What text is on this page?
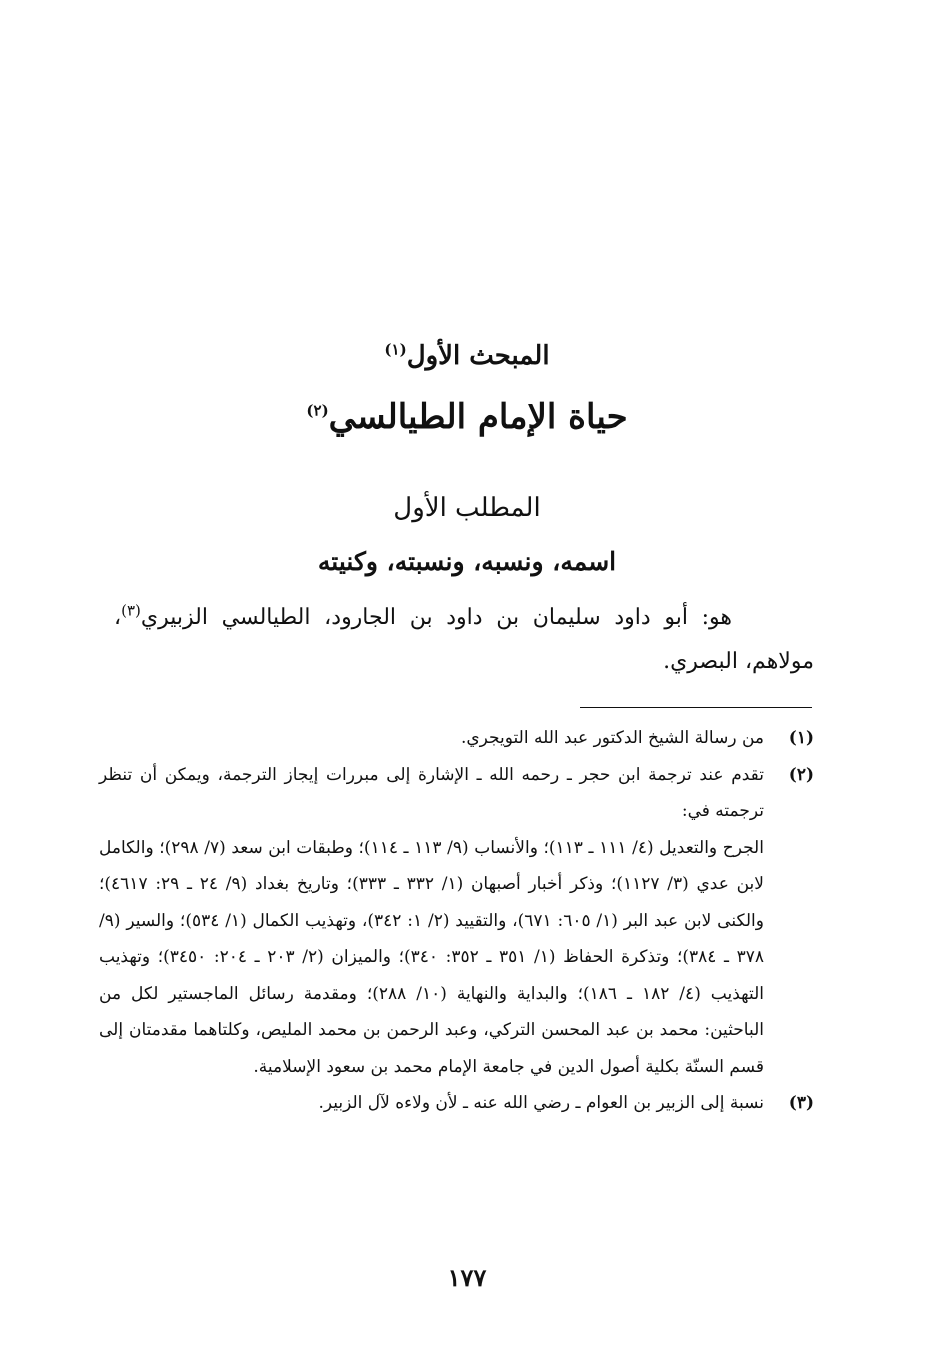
المبحث الأول$^{(١)}$
حياة الإمام الطيالسي$^{(٢)}$
المطلب الأول
اسمه، ونسبه، ونسبته، وكنيته
هو: أبو داود سليمان بن داود بن الجارود، الطيالسي الزبيري$^{(٣)}$، مولاهم، البصري.
(١)
من رسالة الشيخ الدكتور عبد الله التويجري.
(٢)
تقدم عند ترجمة ابن حجر ـ رحمه الله ـ الإشارة إلى مبررات إيجاز الترجمة، ويمكن أن تنظر ترجمته في:
الجرح والتعديل (٤/ ١١١ ـ ١١٣)؛ والأنساب (٩/ ١١٣ ـ ١١٤)؛ وطبقات ابن سعد (٧/ ٢٩٨)؛ والكامل لابن عدي (٣/ ١١٢٧)؛ وذكر أخبار أصبهان (١/ ٣٣٢ ـ ٣٣٣)؛ وتاريخ بغداد (٩/ ٢٤ ـ ٢٩: ٤٦١٧)؛ والكنى لابن عبد البر (١/ ٦٠٥: ٦٧١)، والتقييد (٢/ ١: ٣٤٢)، وتهذيب الكمال (١/ ٥٣٤)؛ والسير (٩/ ٣٧٨ ـ ٣٨٤)؛ وتذكرة الحفاظ (١/ ٣٥١ ـ ٣٥٢: ٣٤٠)؛ والميزان (٢/ ٢٠٣ ـ ٢٠٤: ٣٤٥٠)؛ وتهذيب التهذيب (٤/ ١٨٢ ـ ١٨٦)؛ والبداية والنهاية (١٠/ ٢٨٨)؛ ومقدمة رسائل الماجستير لكل من الباحثين: محمد بن عبد المحسن التركي، وعبد الرحمن بن محمد المليص، وكلتاهما مقدمتان إلى قسم السنّة بكلية أصول الدين في جامعة الإمام محمد بن سعود الإسلامية.
(٣)
نسبة إلى الزبير بن العوام ـ رضي الله عنه ـ لأن ولاءه لآل الزبير.
١٧٧
